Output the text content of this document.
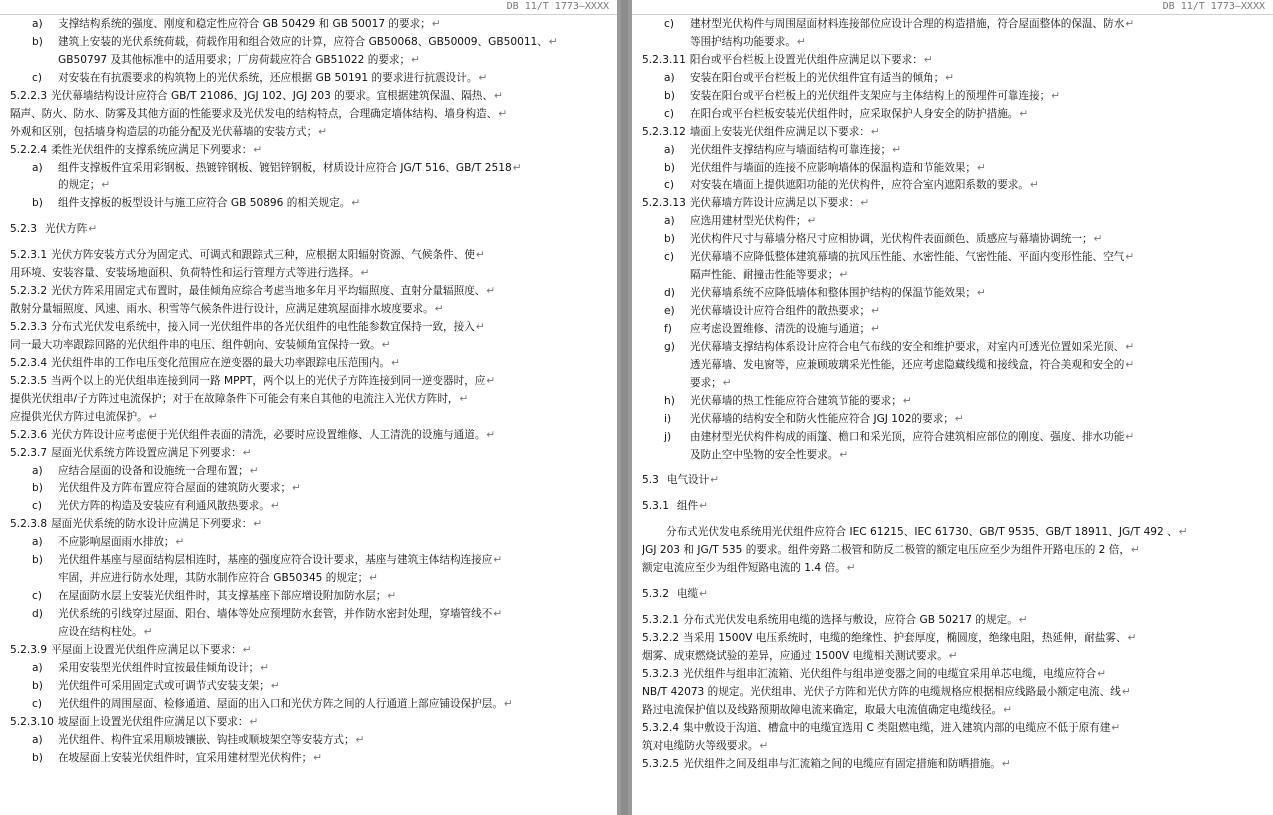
DB 11/T 1773—XXXX
a)	支撑结构系统的强度、刚度和稳定性应符合 GB 50429 和 GB 50017 的要求；↵
b)	建筑上安装的光伏系统荷载，荷载作用和组合效应的计算，应符合 GB50068、GB50009、GB50011、↵
GB50797 及其他标准中的适用要求；厂房荷载应符合 GB51022 的要求；↵
c)	对安装在有抗震要求的构筑物上的光伏系统，还应根据 GB 50191 的要求进行抗震设计。↵
5.2.2.3 光伏幕墙结构设计应符合 GB/T 21086、JGJ 102、JGJ 203 的要求。宜根据建筑保温、隔热、↵
隔声、防火、防水、防雾及其他方面的性能要求及光伏发电的结构特点，合理确定墙体结构、墙身构造、↵
外观和区别，包括墙身构造层的功能分配及光伏幕墙的安装方式；↵
5.2.2.4 柔性光伏组件的支撑系统应满足下列要求：↵
a)	组件支撑板件宜采用彩钢板、热镀锌钢板、镀铝锌钢板，材质设计应符合 JG/T 516、GB/T 2518↵
的规定；↵
b)	组件支撑板的板型设计与施工应符合 GB 50896 的相关规定。↵
5.2.3 光伏方阵↵
5.2.3.1 光伏方阵安装方式分为固定式、可调式和跟踪式三种，应根据太阳辐射资源、气候条件、使↵
用环境、安装容量、安装场地面积、负荷特性和运行管理方式等进行选择。↵
5.2.3.2 光伏方阵采用固定式布置时，最佳倾角应综合考虑当地多年月平均辐照度、直射分量辐照度、↵
散射分量辐照度、风速、雨水、积雪等气候条件进行设计，应满足建筑屋面排水坡度要求。↵
5.2.3.3 分布式光伏发电系统中，接入同一光伏组件串的各光伏组件的电性能参数宜保持一致，接入↵
同一最大功率跟踪回路的光伏组件串的电压、组件朝向、安装倾角宜保持一致。↵
5.2.3.4 光伏组件串的工作电压变化范围应在逆变器的最大功率跟踪电压范围内。↵
5.2.3.5 当两个以上的光伏组串连接到同一路 MPPT，两个以上的光伏子方阵连接到同一逆变器时，应↵
提供光伏组串/子方阵过电流保护；对于在故障条件下可能会有来自其他的电流注入光伏方阵时，↵
应提供光伏方阵过电流保护。↵
5.2.3.6 光伏方阵设计应考虑便于光伏组件表面的清洗，必要时应设置维修、人工清洗的设施与通道。↵
5.2.3.7 屋面光伏系统方阵设置应满足下列要求：↵
a)	应结合屋面的设备和设施统一合理布置；↵
b)	光伏组件及方阵布置应符合屋面的建筑防火要求；↵
c)	光伏方阵的构造及安装应有利通风散热要求。↵
5.2.3.8 屋面光伏系统的防水设计应满足下列要求：↵
a)	不应影响屋面雨水排放；↵
b)	光伏组件基座与屋面结构层相连时，基座的强度应符合设计要求，基座与建筑主体结构连接应↵
牢固，并应进行防水处理，其防水制作应符合 GB50345 的规定；↵
c)	在屋面防水层上安装光伏组件时，其支撑基座下部应增设附加防水层；↵
d)	光伏系统的引线穿过屋面、阳台、墙体等处应预埋防水套管，并作防水密封处理，穿墙管线不↵
应设在结构柱处。↵
5.2.3.9 平屋面上设置光伏组件应满足以下要求：↵
a)	采用安装型光伏组件时宜按最佳倾角设计；↵
b)	光伏组件可采用固定式或可调节式安装支架；↵
c)	光伏组件的周围屋面、检修通道、屋面的出入口和光伏方阵之间的人行通道上部应铺设保护层。↵
5.2.3.10 坡屋面上设置光伏组件应满足以下要求：↵
a)	光伏组件、构件宜采用顺坡镶嵌、钩挂或顺坡架空等安装方式；↵
b)	在坡屋面上安装光伏组件时，宜采用建材型光伏构件；↵
DB 11/T 1773—XXXX
c)	建材型光伏构件与周围屋面材料连接部位应设计合理的构造措施，符合屋面整体的保温、防水↵
等围护结构功能要求。↵
5.2.3.11 阳台或平台栏板上设置光伏组件应满足以下要求：↵
a)	安装在阳台或平台栏板上的光伏组件宜有适当的倾角；↵
b)	安装在阳台或平台栏板上的光伏组件支架应与主体结构上的预埋件可靠连接；↵
c)	在阳台或平台栏板安装光伏组件时，应采取保护人身安全的防护措施。↵
5.2.3.12 墙面上安装光伏组件应满足以下要求：↵
a)	光伏组件支撑结构应与墙面结构可靠连接；↵
b)	光伏组件与墙面的连接不应影响墙体的保温构造和节能效果；↵
c)	对安装在墙面上提供遮阳功能的光伏构件，应符合室内遮阳系数的要求。↵
5.2.3.13 光伏幕墙方阵设计应满足以下要求：↵
a)	应选用建材型光伏构件；↵
b)	光伏构件尺寸与幕墙分格尺寸应相协调，光伏构件表面颜色、质感应与幕墙协调统一；↵
c)	光伏幕墙不应降低整体建筑幕墙的抗风压性能、水密性能、气密性能、平面内变形性能、空气↵
隔声性能、耐撞击性能等要求；↵
d)	光伏幕墙系统不应降低墙体和整体围护结构的保温节能效果；↵
e)	光伏幕墙设计应符合组件的散热要求；↵
f)	应考虑设置维修、清洗的设施与通道；↵
g)	光伏幕墙支撑结构体系设计应符合电气布线的安全和维护要求，对室内可透光位置如采光顶、↵
透光幕墙、发电窗等，应兼顾玻璃采光性能，还应考虑隐藏线缆和接线盒，符合美观和安全的↵
要求；↵
h)	光伏幕墙的热工性能应符合建筑节能的要求；↵
i)	光伏幕墙的结构安全和防火性能应符合 JGJ 102的要求；↵
j)	由建材型光伏构件构成的雨篷、檐口和采光顶，应符合建筑相应部位的刚度、强度、排水功能↵
及防止空中坠物的安全性要求。↵
5.3 电气设计↵
5.3.1 组件↵
分布式光伏发电系统用光伏组件应符合 IEC 61215、IEC 61730、GB/T 9535、GB/T 18911、JG/T 492 、↵
JGJ 203 和 JG/T 535 的要求。组件旁路二极管和防反二极管的额定电压应至少为组件开路电压的 2 倍，↵
额定电流应至少为组件短路电流的 1.4 倍。↵
5.3.2 电缆↵
5.3.2.1 分布式光伏发电系统用电缆的选择与敷设，应符合 GB 50217 的规定。↵
5.3.2.2 当采用 1500V 电压系统时，电缆的绝缘性、护套厚度，椭圆度，绝缘电阻，热延伸，耐盐雾、↵
烟雾、成束燃烧试验的差异，应通过 1500V 电缆相关测试要求。↵
5.3.2.3 光伏组件与组串汇流箱、光伏组件与组串逆变器之间的电缆宜采用单芯电缆，电缆应符合↵
NB/T 42073 的规定。光伏组串、光伏子方阵和光伏方阵的电缆规格应根据相应线路最小额定电流、线↵
路过电流保护值以及线路预期故障电流来确定，取最大电流值确定电缆线径。↵
5.3.2.4 集中敷设于沟道、槽盒中的电缆宜选用 C 类阻燃电缆，进入建筑内部的电缆应不低于原有建↵
筑对电缆防火等级要求。↵
5.3.2.5 光伏组件之间及组串与汇流箱之间的电缆应有固定措施和防晒措施。↵
